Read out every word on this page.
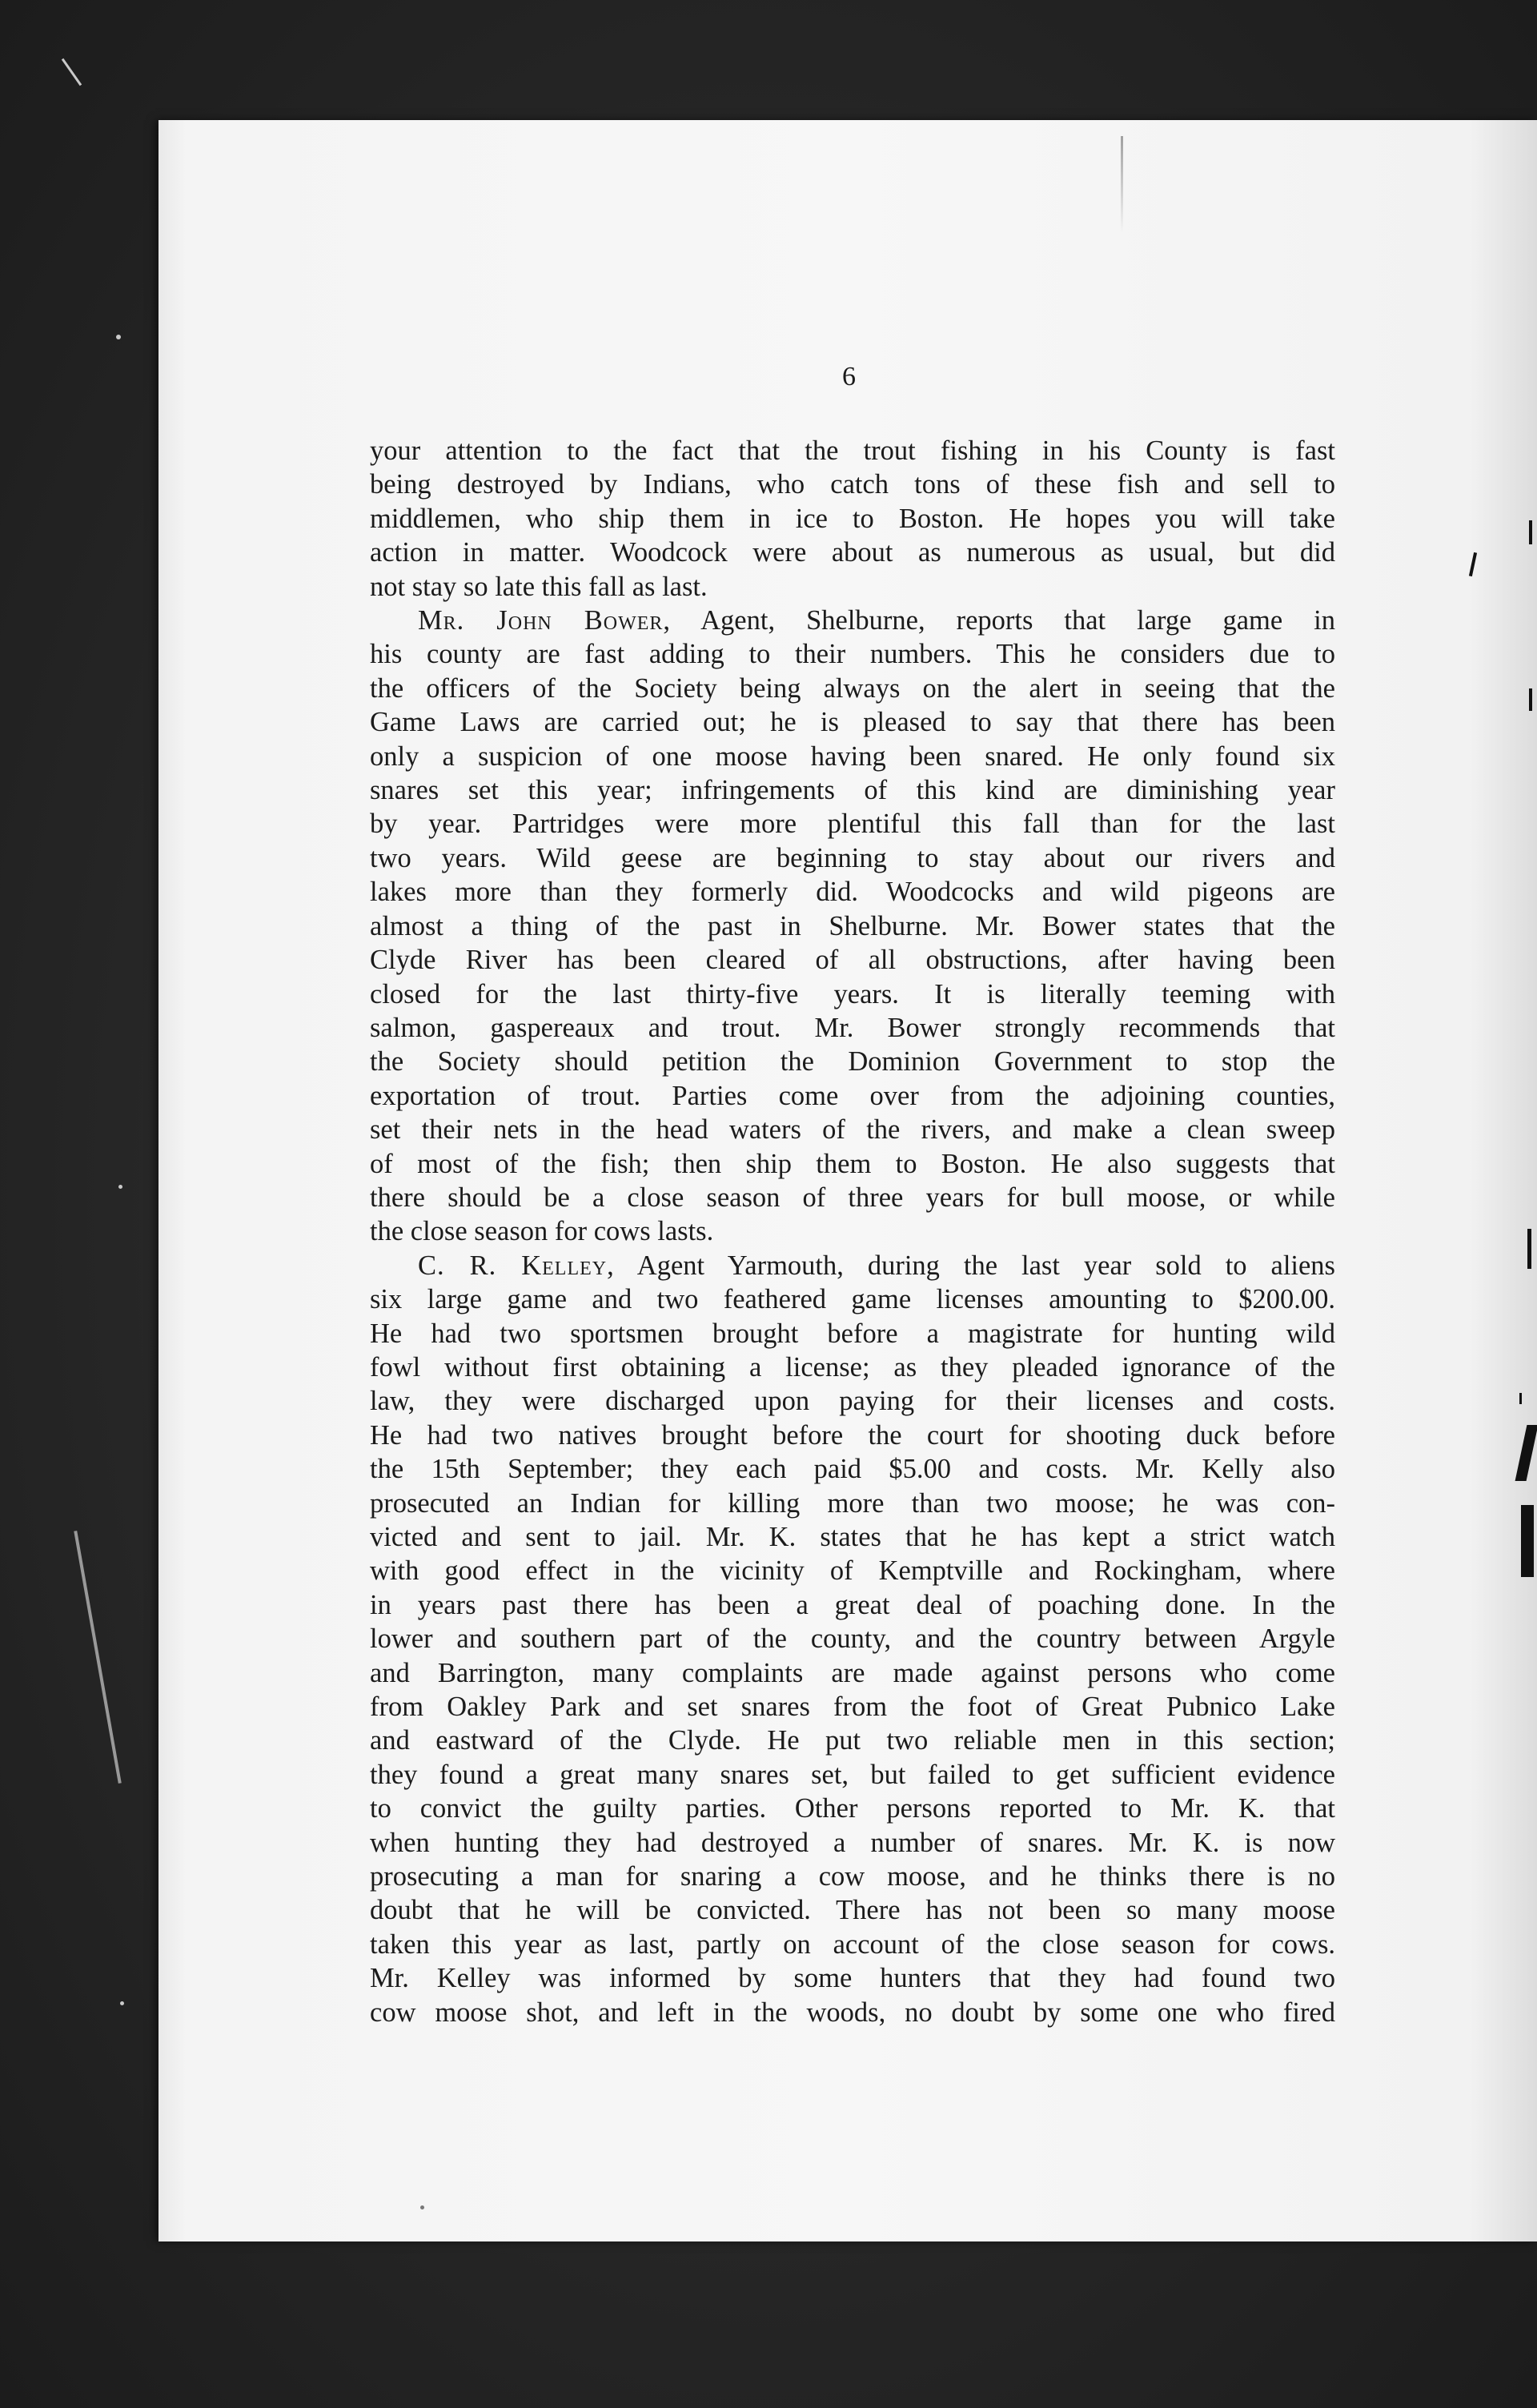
6
your attention to the fact that the trout fishing in his County is fast
being destroyed by Indians, who catch tons of these fish and sell to
middlemen, who ship them in ice to Boston. He hopes you will take
action in matter. Woodcock were about as numerous as usual, but did
not stay so late this fall as last.
Mr. John Bower, Agent, Shelburne, reports that large game in
his county are fast adding to their numbers. This he considers due to
the officers of the Society being always on the alert in seeing that the
Game Laws are carried out; he is pleased to say that there has been
only a suspicion of one moose having been snared. He only found six
snares set this year; infringements of this kind are diminishing year
by year. Partridges were more plentiful this fall than for the last
two years. Wild geese are beginning to stay about our rivers and
lakes more than they formerly did. Woodcocks and wild pigeons are
almost a thing of the past in Shelburne. Mr. Bower states that the
Clyde River has been cleared of all obstructions, after having been
closed for the last thirty-five years. It is literally teeming with
salmon, gaspereaux and trout. Mr. Bower strongly recommends that
the Society should petition the Dominion Government to stop the
exportation of trout. Parties come over from the adjoining counties,
set their nets in the head waters of the rivers, and make a clean sweep
of most of the fish; then ship them to Boston. He also suggests that
there should be a close season of three years for bull moose, or while
the close season for cows lasts.
C. R. Kelley, Agent Yarmouth, during the last year sold to aliens
six large game and two feathered game licenses amounting to $200.00.
He had two sportsmen brought before a magistrate for hunting wild
fowl without first obtaining a license; as they pleaded ignorance of the
law, they were discharged upon paying for their licenses and costs.
He had two natives brought before the court for shooting duck before
the 15th September; they each paid $5.00 and costs. Mr. Kelly also
prosecuted an Indian for killing more than two moose; he was con-
victed and sent to jail. Mr. K. states that he has kept a strict watch
with good effect in the vicinity of Kemptville and Rockingham, where
in years past there has been a great deal of poaching done. In the
lower and southern part of the county, and the country between Argyle
and Barrington, many complaints are made against persons who come
from Oakley Park and set snares from the foot of Great Pubnico Lake
and eastward of the Clyde. He put two reliable men in this section;
they found a great many snares set, but failed to get sufficient evidence
to convict the guilty parties. Other persons reported to Mr. K. that
when hunting they had destroyed a number of snares. Mr. K. is now
prosecuting a man for snaring a cow moose, and he thinks there is no
doubt that he will be convicted. There has not been so many moose
taken this year as last, partly on account of the close season for cows.
Mr. Kelley was informed by some hunters that they had found two
cow moose shot, and left in the woods, no doubt by some one who fired
